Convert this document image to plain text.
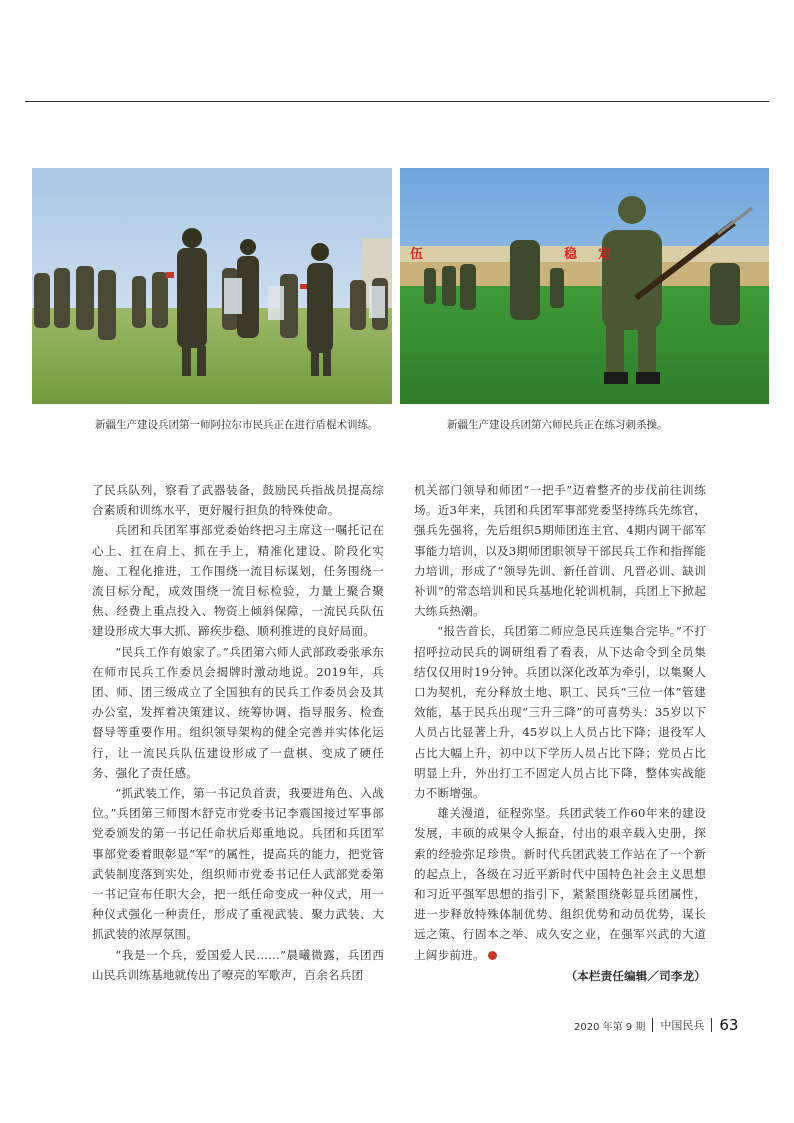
伍	稳 定
新疆生产建设兵团第一师阿拉尔市民兵正在进行盾棍术训练。	新疆生产建设兵团第六师民兵正在练习刺杀操。

了民兵队列，察看了武器装备，鼓励民兵指战员提高综合素质和训练水平，更好履行担负的特殊使命。

兵团和兵团军事部党委始终把习主席这一嘱托记在心上、扛在肩上、抓在手上，精准化建设、阶段化实施、工程化推进，工作围绕一流目标谋划，任务围绕一流目标分配，成效围绕一流目标检验，力量上聚合聚焦、经费上重点投入、物资上倾斜保障，一流民兵队伍建设形成大事大抓、蹄疾步稳、顺利推进的良好局面。

“民兵工作有娘家了。”兵团第六师人武部政委张承东在师市民兵工作委员会揭牌时激动地说。2019年，兵团、师、团三级成立了全国独有的民兵工作委员会及其办公室，发挥着决策建议、统筹协调、指导服务、检查督导等重要作用。组织领导架构的健全完善并实体化运行，让一流民兵队伍建设形成了一盘棋、变成了硬任务、强化了责任感。

“抓武装工作，第一书记负首责，我要进角色、入战位。”兵团第三师图木舒克市党委书记李震国接过军事部党委颁发的第一书记任命状后郑重地说。兵团和兵团军事部党委着眼彰显“军”的属性，提高兵的能力，把党管武装制度落到实处，组织师市党委书记任人武部党委第一书记宣布任职大会，把一纸任命变成一种仪式，用一种仪式强化一种责任，形成了重视武装、聚力武装、大抓武装的浓厚氛围。

“我是一个兵，爱国爱人民……”晨曦微露，兵团西山民兵训练基地就传出了嘹亮的军歌声，百余名兵团

机关部门领导和师团“一把手”迈着整齐的步伐前往训练场。近3年来，兵团和兵团军事部党委坚持练兵先练官，强兵先强将，先后组织5期师团连主官、4期内调干部军事能力培训，以及3期师团职领导干部民兵工作和指挥能力培训，形成了“领导先训、新任首训、凡晋必训、缺训补训”的常态培训和民兵基地化轮训机制，兵团上下掀起大练兵热潮。

“报告首长，兵团第二师应急民兵连集合完毕。”不打招呼拉动民兵的调研组看了看表，从下达命令到全员集结仅仅用时19分钟。兵团以深化改革为牵引，以集聚人口为契机，充分释放土地、职工、民兵“三位一体”管建效能，基于民兵出现“三升三降”的可喜势头：35岁以下人员占比显著上升，45岁以上人员占比下降；退役军人占比大幅上升，初中以下学历人员占比下降；党员占比明显上升，外出打工不固定人员占比下降，整体实战能力不断增强。

雄关漫道，征程弥坚。兵团武装工作60年来的建设发展，丰硕的成果令人振奋，付出的艰辛载入史册，探索的经验弥足珍贵。新时代兵团武装工作站在了一个新的起点上，各级在习近平新时代中国特色社会主义思想和习近平强军思想的指引下，紧紧围绕彰显兵团属性，进一步释放特殊体制优势、组织优势和动员优势，谋长远之策、行固本之举、成久安之业，在强军兴武的大道上阔步前进。

（本栏责任编辑／司李龙）
2020 年第 9 期 中国民兵 63
